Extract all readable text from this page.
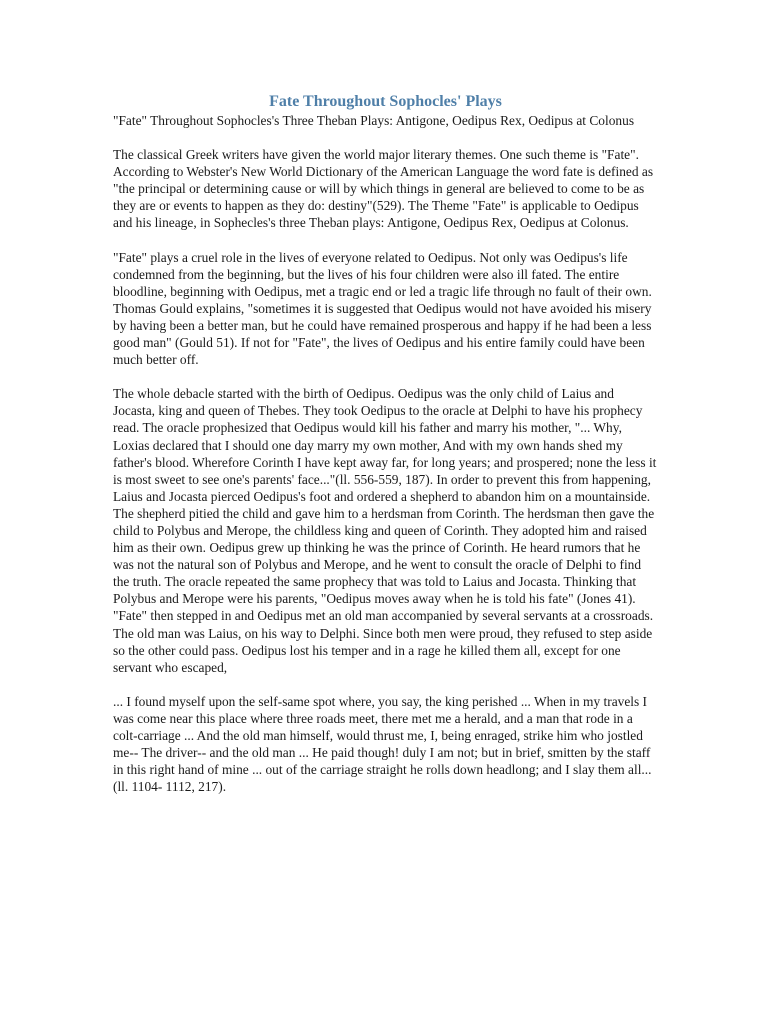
Fate Throughout Sophocles' Plays

"Fate" Throughout Sophocles's Three Theban Plays: Antigone, Oedipus Rex, Oedipus at Colonus

The classical Greek writers have given the world major literary themes. One such theme is "Fate". According to Webster's New World Dictionary of the American Language the word fate is defined as "the principal or determining cause or will by which things in general are believed to come to be as they are or events to happen as they do: destiny"(529). The Theme "Fate" is applicable to Oedipus and his lineage, in Sophecles's three Theban plays: Antigone, Oedipus Rex, Oedipus at Colonus.

"Fate" plays a cruel role in the lives of everyone related to Oedipus. Not only was Oedipus's life condemned from the beginning, but the lives of his four children were also ill fated. The entire bloodline, beginning with Oedipus, met a tragic end or led a tragic life through no fault of their own. Thomas Gould explains, "sometimes it is suggested that Oedipus would not have avoided his misery by having been a better man, but he could have remained prosperous and happy if he had been a less good man" (Gould 51). If not for "Fate", the lives of Oedipus and his entire family could have been much better off.

The whole debacle started with the birth of Oedipus. Oedipus was the only child of Laius and Jocasta, king and queen of Thebes. They took Oedipus to the oracle at Delphi to have his prophecy read. The oracle prophesized that Oedipus would kill his father and marry his mother, "... Why, Loxias declared that I should one day marry my own mother, And with my own hands shed my father's blood. Wherefore Corinth I have kept away far, for long years; and prospered; none the less it is most sweet to see one's parents' face..."(ll. 556-559, 187). In order to prevent this from happening, Laius and Jocasta pierced Oedipus's foot and ordered a shepherd to abandon him on a mountainside. The shepherd pitied the child and gave him to a herdsman from Corinth. The herdsman then gave the child to Polybus and Merope, the childless king and queen of Corinth. They adopted him and raised him as their own. Oedipus grew up thinking he was the prince of Corinth. He heard rumors that he was not the natural son of Polybus and Merope, and he went to consult the oracle of Delphi to find the truth. The oracle repeated the same prophecy that was told to Laius and Jocasta. Thinking that Polybus and Merope were his parents, "Oedipus moves away when he is told his fate" (Jones 41). "Fate" then stepped in and Oedipus met an old man accompanied by several servants at a crossroads. The old man was Laius, on his way to Delphi. Since both men were proud, they refused to step aside so the other could pass. Oedipus lost his temper and in a rage he killed them all, except for one servant who escaped,

... I found myself upon the self-same spot where, you say, the king perished ... When in my travels I was come near this place where three roads meet, there met me a herald, and a man that rode in a colt-carriage ... And the old man himself, would thrust me, I, being enraged, strike him who jostled me-- The driver-- and the old man ... He paid though! duly I am not; but in brief, smitten by the staff in this right hand of mine ... out of the carriage straight he rolls down headlong; and I slay them all...(ll. 1104- 1112, 217).
